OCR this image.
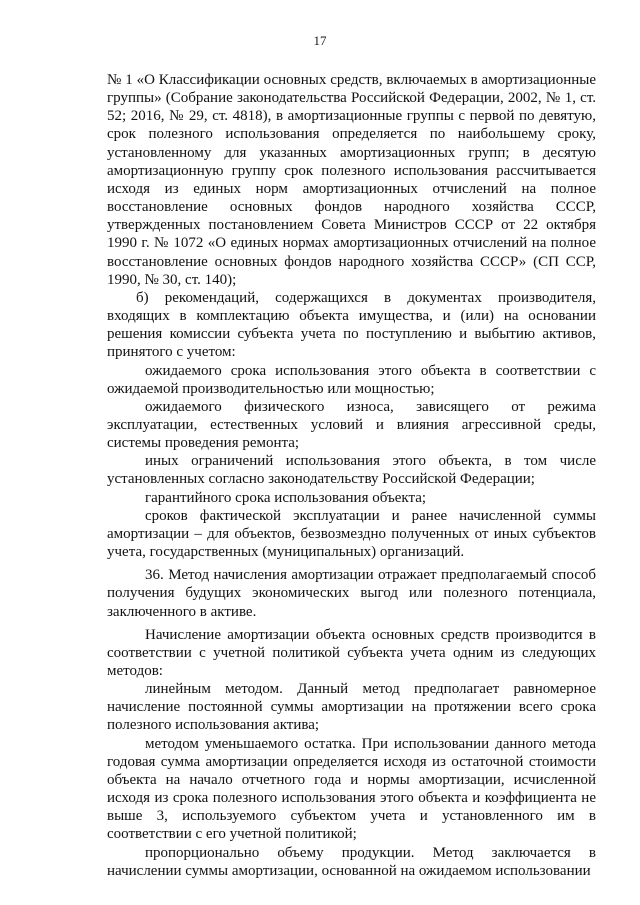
17

№ 1 «О Классификации основных средств, включаемых в амортизационные группы» (Собрание законодательства Российской Федерации, 2002, № 1, ст. 52; 2016, № 29, ст. 4818), в амортизационные группы с первой по девятую, срок полезного использования определяется по наибольшему сроку, установленному для указанных амортизационных групп; в десятую амортизационную группу срок полезного использования рассчитывается исходя из единых норм амортизационных отчислений на полное восстановление основных фондов народного хозяйства СССР, утвержденных постановлением Совета Министров СССР от 22 октября 1990 г. № 1072 «О единых нормах амортизационных отчислений на полное восстановление основных фондов народного хозяйства СССР» (СП ССР, 1990, № 30, ст. 140);

б) рекомендаций, содержащихся в документах производителя, входящих в комплектацию объекта имущества, и (или) на основании решения комиссии субъекта учета по поступлению и выбытию активов, принятого с учетом:

ожидаемого срока использования этого объекта в соответствии с ожидаемой производительностью или мощностью;

ожидаемого физического износа, зависящего от режима эксплуатации, естественных условий и влияния агрессивной среды, системы проведения ремонта;

иных ограничений использования этого объекта, в том числе установленных согласно законодательству Российской Федерации;

гарантийного срока использования объекта;

сроков фактической эксплуатации и ранее начисленной суммы амортизации – для объектов, безвозмездно полученных от иных субъектов учета, государственных (муниципальных) организаций.

36. Метод начисления амортизации отражает предполагаемый способ получения будущих экономических выгод или полезного потенциала, заключенного в активе.

Начисление амортизации объекта основных средств производится в соответствии с учетной политикой субъекта учета одним из следующих методов:

линейным методом. Данный метод предполагает равномерное начисление постоянной суммы амортизации на протяжении всего срока полезного использования актива;

методом уменьшаемого остатка. При использовании данного метода годовая сумма амортизации определяется исходя из остаточной стоимости объекта на начало отчетного года и нормы амортизации, исчисленной исходя из срока полезного использования этого объекта и коэффициента не выше 3, используемого субъектом учета и установленного им в соответствии с его учетной политикой;

пропорционально объему продукции. Метод заключается в начислении суммы амортизации, основанной на ожидаемом использовании
